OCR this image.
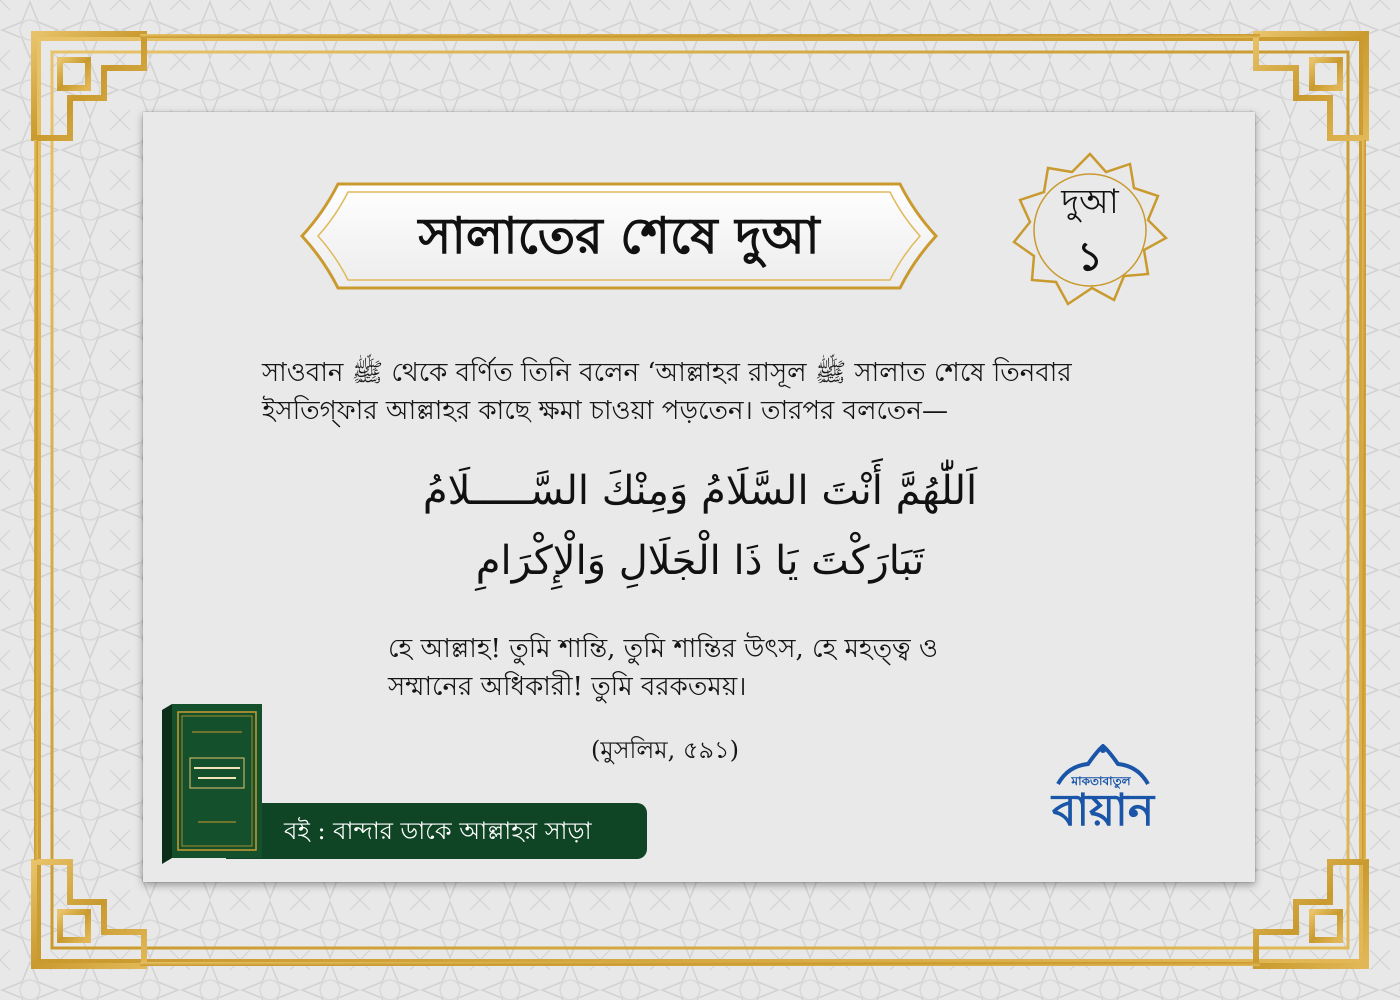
সালাতের শেষে দুআ
দুআ
১
সাওবান ﷺ থেকে বর্ণিত তিনি বলেন ‘আল্লাহর রাসূল ﷺ সালাত শেষে তিনবার ইসতিগ্ফার আল্লাহর কাছে ক্ষমা চাওয়া পড়তেন। তারপর বলতেন—
اَللّٰهُمَّ أَنْتَ السَّلَامُ وَمِنْكَ السَّـــــلَامُ
تَبَارَكْتَ يَا ذَا الْجَلَالِ وَالْإِكْرَامِ
হে আল্লাহ! তুমি শান্তি, তুমি শান্তির উৎস, হে মহত্ত্ব ও সম্মানের অধিকারী! তুমি বরকতময়।
(মুসলিম, ৫৯১)
বই : বান্দার ডাকে আল্লাহর সাড়া
মাকতাবাতুল
বায়ান
